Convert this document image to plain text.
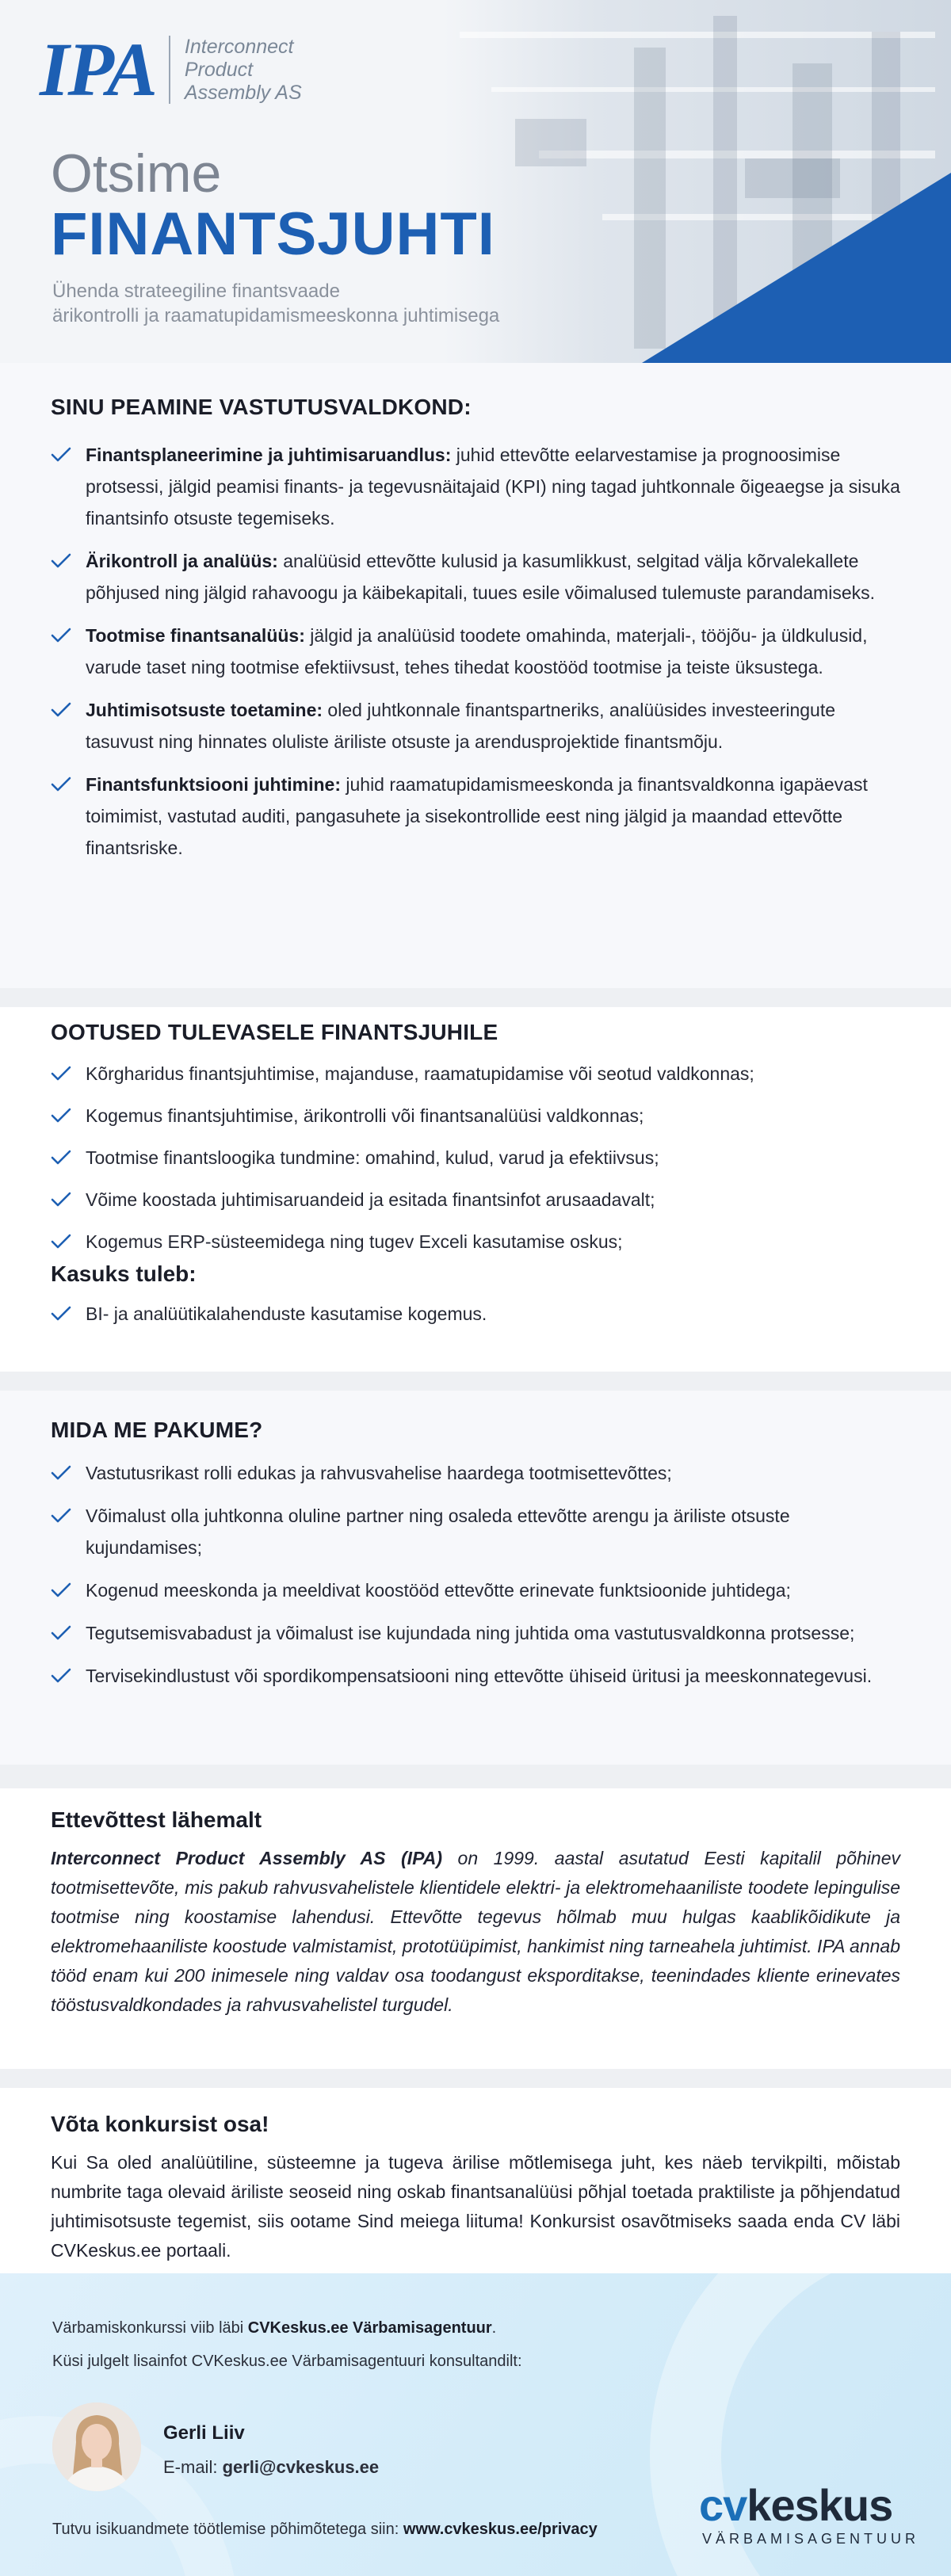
IPA Interconnect
Product
Assembly AS
Otsime
FINANTSJUHTI
Ühenda strateegiline finantsvaade
ärikontrolli ja raamatupidamismeeskonna juhtimisega
SINU PEAMINE VASTUTUSVALDKOND:
Finantsplaneerimine ja juhtimisaruandlus: juhid ettevõtte eelarvestamise ja prognoosimise protsessi, jälgid peamisi finants- ja tegevusnäitajaid (KPI) ning tagad juhtkonnale õigeaegse ja sisuka finantsinfo otsuste tegemiseks.
Ärikontroll ja analüüs: analüüsid ettevõtte kulusid ja kasumlikkust, selgitad välja kõrvalekallete põhjused ning jälgid rahavoogu ja käibekapitali, tuues esile võimalused tulemuste parandamiseks.
Tootmise finantsanalüüs: jälgid ja analüüsid toodete omahinda, materjali-, tööjõu- ja üldkulusid, varude taset ning tootmise efektiivsust, tehes tihedat koostööd tootmise ja teiste üksustega.
Juhtimisotsuste toetamine: oled juhtkonnale finantspartneriks, analüüsides investeeringute tasuvust ning hinnates oluliste äriliste otsuste ja arendusprojektide finantsmõju.
Finantsfunktsiooni juhtimine: juhid raamatupidamismeeskonda ja finantsvaldkonna igapäevast toimimist, vastutad auditi, pangasuhete ja sisekontrollide eest ning jälgid ja maandad ettevõtte finantsriske.
OOTUSED TULEVASELE FINANTSJUHILE
Kõrgharidus finantsjuhtimise, majanduse, raamatupidamise või seotud valdkonnas;
Kogemus finantsjuhtimise, ärikontrolli või finantsanalüüsi valdkonnas;
Tootmise finantsloogika tundmine: omahind, kulud, varud ja efektiivsus;
Võime koostada juhtimisaruandeid ja esitada finantsinfot arusaadavalt;
Kogemus ERP-süsteemidega ning tugev Exceli kasutamise oskus;
Kasuks tuleb:
BI- ja analüütikalahenduste kasutamise kogemus.
MIDA ME PAKUME?
Vastutusrikast rolli edukas ja rahvusvahelise haardega tootmisettevõttes;
Võimalust olla juhtkonna oluline partner ning osaleda ettevõtte arengu ja äriliste otsuste kujundamises;
Kogenud meeskonda ja meeldivat koostööd ettevõtte erinevate funktsioonide juhtidega;
Tegutsemisvabadust ja võimalust ise kujundada ning juhtida oma vastutusvaldkonna protsesse;
Tervisekindlustust või spordikompensatsiooni ning ettevõtte ühiseid üritusi ja meeskonnategevusi.
Ettevõttest lähemalt

Interconnect Product Assembly AS (IPA) on 1999. aastal asutatud Eesti kapitalil põhinev tootmisettevõte, mis pakub rahvusvahelistele klientidele elektri- ja elektromehaaniliste toodete lepingulise tootmise ning koostamise lahendusi. Ettevõtte tegevus hõlmab muu hulgas kaablikõidikute ja elektromehaaniliste koostude valmistamist, prototüüpimist, hankimist ning tarneahela juhtimist. IPA annab tööd enam kui 200 inimesele ning valdav osa toodangust eksporditakse, teenindades kliente erinevates tööstusvaldkondades ja rahvusvahelistel turgudel.

Võta konkursist osa!

Kui Sa oled analüütiline, süsteemne ja tugeva ärilise mõtlemisega juht, kes näeb tervikpilti, mõistab numbrite taga olevaid äriliste seoseid ning oskab finantsanalüüsi põhjal toetada praktiliste ja põhjendatud juhtimisotsuste tegemist, siis ootame Sind meiega liituma! Konkursist osavõtmiseks saada enda CV läbi CVKeskus.ee portaali.

Värbamiskonkurssi viib läbi CVKeskus.ee Värbamisagentuur.
Küsi julgelt lisainfot CVKeskus.ee Värbamisagentuuri konsultandilt:
Gerli Liiv
E-mail: gerli@cvkeskus.ee
Tutvu isikuandmete töötlemise põhimõtetega siin: www.cvkeskus.ee/privacy cvkeskus
VÄRBAMISAGENTUUR
